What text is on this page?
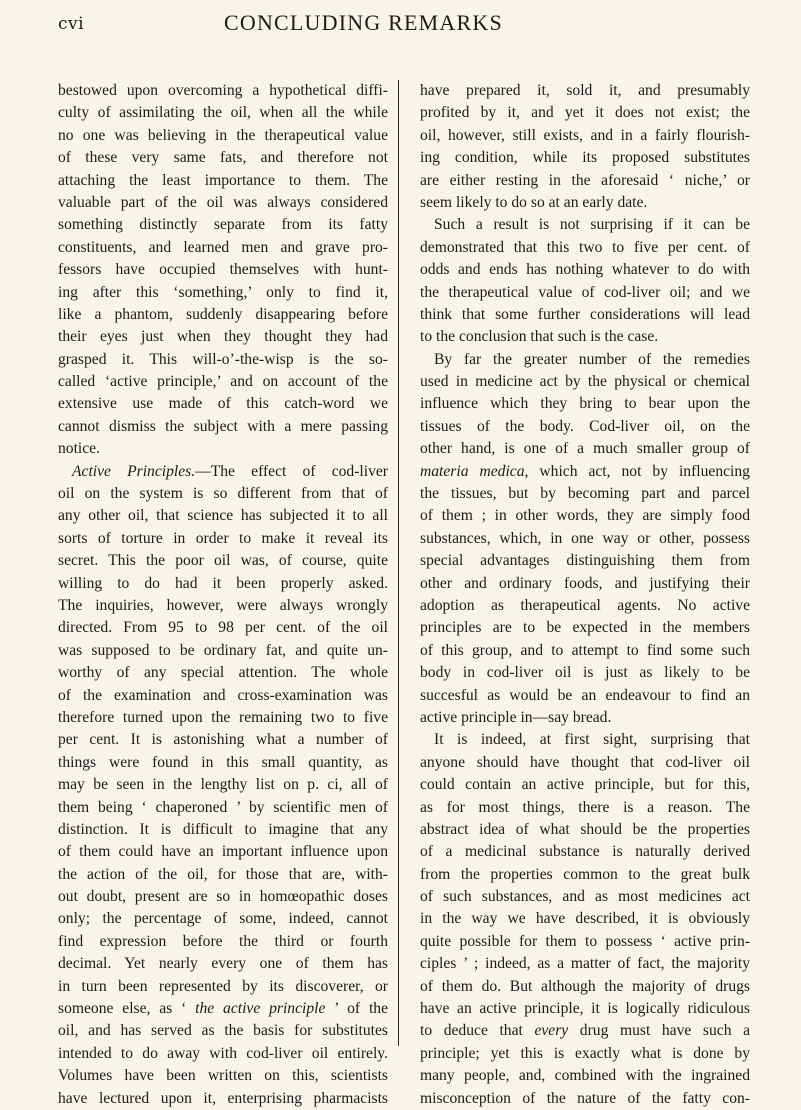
cvi	CONCLUDING REMARKS
bestowed upon overcoming a hypothetical diffi-
culty of assimilating the oil, when all the while
no one was believing in the therapeutical value
of these very same fats, and therefore not
attaching the least importance to them. The
valuable part of the oil was always considered
something distinctly separate from its fatty
constituents, and learned men and grave pro-
fessors have occupied themselves with hunt-
ing after this ‘something,’ only to find it,
like a phantom, suddenly disappearing before
their eyes just when they thought they had
grasped it. This will-o’-the-wisp is the so-
called ‘active principle,’ and on account of the
extensive use made of this catch-word we
cannot dismiss the subject with a mere passing
notice.
Active Principles.—The effect of cod-liver
oil on the system is so different from that of
any other oil, that science has subjected it to all
sorts of torture in order to make it reveal its
secret. This the poor oil was, of course, quite
willing to do had it been properly asked.
The inquiries, however, were always wrongly
directed. From 95 to 98 per cent. of the oil
was supposed to be ordinary fat, and quite un-
worthy of any special attention. The whole
of the examination and cross-examination was
therefore turned upon the remaining two to five
per cent. It is astonishing what a number of
things were found in this small quantity, as
may be seen in the lengthy list on p. ci, all of
them being ‘ chaperoned ’ by scientific men of
distinction. It is difficult to imagine that any
of them could have an important influence upon
the action of the oil, for those that are, with-
out doubt, present are so in homœopathic doses
only; the percentage of some, indeed, cannot
find expression before the third or fourth
decimal. Yet nearly every one of them has
in turn been represented by its discoverer, or
someone else, as ‘ the active principle ’ of the
oil, and has served as the basis for substitutes
intended to do away with cod-liver oil entirely.
Volumes have been written on this, scientists
have lectured upon it, enterprising pharmacists
have prepared it, sold it, and presumably
profited by it, and yet it does not exist; the
oil, however, still exists, and in a fairly flourish-
ing condition, while its proposed substitutes
are either resting in the aforesaid ‘ niche,’ or
seem likely to do so at an early date.
Such a result is not surprising if it can be
demonstrated that this two to five per cent. of
odds and ends has nothing whatever to do with
the therapeutical value of cod-liver oil; and we
think that some further considerations will lead
to the conclusion that such is the case.
By far the greater number of the remedies
used in medicine act by the physical or chemical
influence which they bring to bear upon the
tissues of the body. Cod-liver oil, on the
other hand, is one of a much smaller group of
materia medica, which act, not by influencing
the tissues, but by becoming part and parcel
of them ; in other words, they are simply food
substances, which, in one way or other, possess
special advantages distinguishing them from
other and ordinary foods, and justifying their
adoption as therapeutical agents. No active
principles are to be expected in the members
of this group, and to attempt to find some such
body in cod-liver oil is just as likely to be
succesful as would be an endeavour to find an
active principle in—say bread.
It is indeed, at first sight, surprising that
anyone should have thought that cod-liver oil
could contain an active principle, but for this,
as for most things, there is a reason. The
abstract idea of what should be the properties
of a medicinal substance is naturally derived
from the properties common to the great bulk
of such substances, and as most medicines act
in the way we have described, it is obviously
quite possible for them to possess ‘ active prin-
ciples ’ ; indeed, as a matter of fact, the majority
of them do. But although the majority of drugs
have an active principle, it is logically ridiculous
to deduce that every drug must have such a
principle; yet this is exactly what is done by
many people, and, combined with the ingrained
misconception of the nature of the fatty con-
